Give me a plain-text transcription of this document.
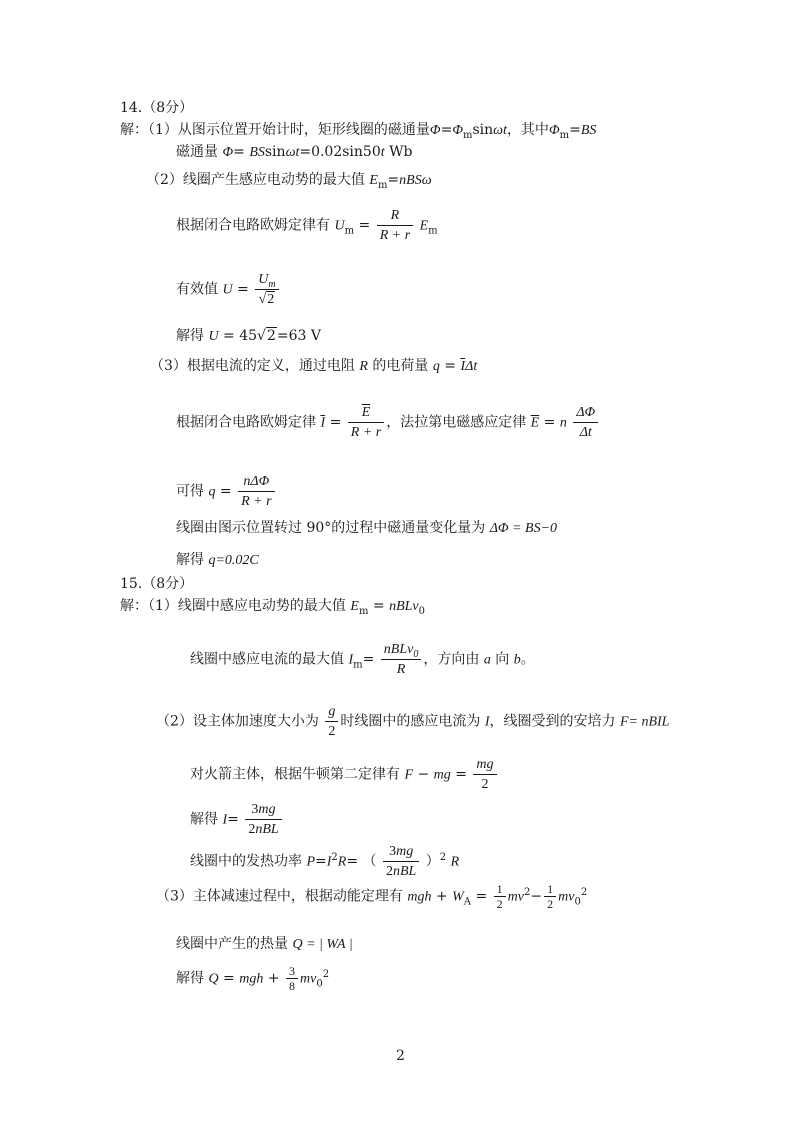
14.（8分）
解：（1）从图示位置开始计时，矩形线圈的磁通量$\Phi=\Phi_m\sin\omega t$，其中$\Phi_m=BS$
磁通量 Φ= BSsinωt=0.02sin50t Wb
（2）线圈产生感应电动势的最大值 $E_m=nBS\omega$
根据闭合电路欧姆定律有 $U_m = \frac{R}{R + r} E_m$
有效值 $U = \frac{U_m}{√2}$
解得 U = 45√2=63 V
（3）根据电流的定义，通过电阻 R 的电荷量 $q = \overline{I}\Delta t$
根据闭合电路欧姆定律 $\overline{I} = \frac{\overline{E}}{R + r}$ ，法拉第电磁感应定律 $\overline{E} = n \frac{\Delta\Phi}{\Delta t}$
可得 $q = \frac{\text{nΔΦ}}{R + r}$
线圈由图示位置转过 90°的过程中磁通量变化量为 ΔΦ = BS−0
解得 q=0.02C
15.（8分）
解：（1）线圈中感应电动势的最大值 $E_m$ = nBLv$_0$
线圈中感应电流的最大值 $I_m= \frac{nBLv_0}{R}$ ，方向由 a 向 b。
（2）设主体加速度大小为 $\frac{g}{2}$ 时线圈中的感应电流为 I，线圈受到的安培力 F= nBIL
对火箭主体，根据牛顿第二定律有 F − mg = $\frac{mg}{2}$
解得 $I= \frac{3mg}{\text{2nBL}}$
线圈中的发热功率 $P=I^2R=$ （ $\frac{3mg}{\text{2nBL}} )^2$ R
（3）主体减速过程中，根据动能定理有 mgh + $W_A = \frac{1}{2} mv^2- \frac{1}{2} mv_0^2$
线圈中产生的热量 Q = | WA |
解得 Q = mgh + $\frac{3}{8} mv_0^2$
2
